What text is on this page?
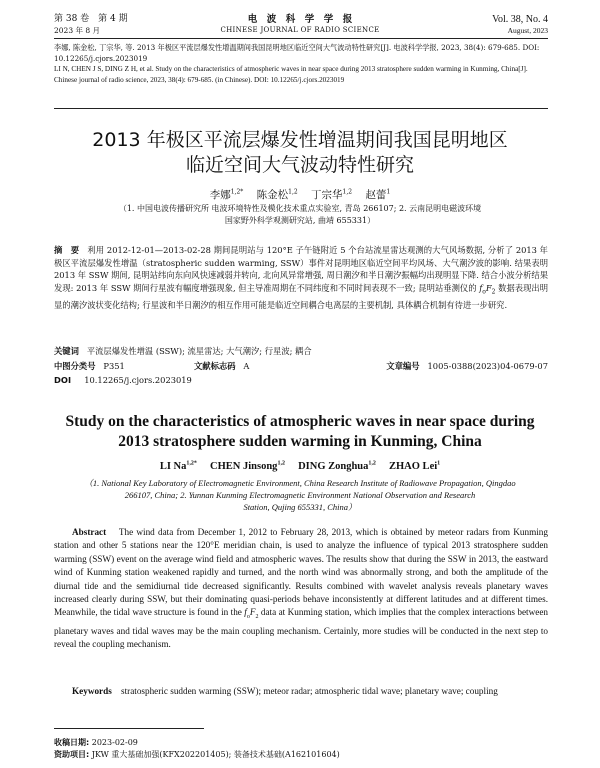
第 38 卷　第 4 期
2023 年 8 月
电　波　科　学　学　报
CHINESE JOURNAL OF RADIO SCIENCE
Vol. 38, No. 4
August, 2023
李娜, 陈金松, 丁宗华, 等. 2013 年极区平流层爆发性增温期间我国昆明地区临近空间大气波动特性研究[J]. 电波科学学报, 2023, 38(4): 679-685. DOI: 10.12265/j.cjors.2023019
LI N, CHEN J S, DING Z H, et al. Study on the characteristics of atmospheric waves in near space during 2013 stratosphere sudden warming in Kunming, China[J]. Chinese journal of radio science, 2023, 38(4): 679-685. (in Chinese). DOI: 10.12265/j.cjors.2023019
2013 年极区平流层爆发性增温期间我国昆明地区
临近空间大气波动特性研究
李娜$^{1,2*}$ 陈金松$^{1,2}$ 丁宗华$^{1,2}$ 赵蕾$^1$
（1. 中国电波传播研究所 电波环境特性及模化技术重点实验室, 青岛 266107; 2. 云南昆明电磁波环境
国家野外科学观测研究站, 曲靖 655331）
摘　要 利用 2012-12-01—2013-02-28 期间昆明站与 120°E 子午链附近 5 个台站流星雷达观测的大气风场数据, 分析了 2013 年极区平流层爆发性增温（stratospheric sudden warming, SSW）事件对昆明地区临近空间平均风场、大气潮汐波的影响. 结果表明 2013 年 SSW 期间, 昆明站纬向东向风快速减弱并转向, 北向风异常增强, 周日潮汐和半日潮汐振幅均出现明显下降. 结合小波分析结果发现: 2013 年 SSW 期间行星波有幅度增强现象, 但主导准周期在不同纬度和不同时间表现不一致; 昆明站垂测仪的 $f_oF_2$ 数据表现出明显的潮汐波状变化结构; 行星波和半日潮汐的相互作用可能是临近空间耦合电离层的主要机制, 具体耦合机制有待进一步研究.
关键词 平流层爆发性增温 (SSW); 流星雷达; 大气潮汐; 行星波; 耦合
中图分类号 P351	文献标志码 A	文章编号 1005-0388(2023)04-0679-07
DOI 10.12265/j.cjors.2023019
Study on the characteristics of atmospheric waves in near space during
2013 stratosphere sudden warming in Kunming, China
LI $Na^{1,2*}$ CHEN Jinsong$^{1,2}$ DING Zonghua$^{1,2}$ ZHAO Lei$^1$
（1. National Key Laboratory of Electromagnetic Environment, China Research Institute of Radiowave Propagation, Qingdao
266107, China; 2. Yunnan Kunming Electromagnetic Environment National Observation and Research
Station, Qujing 655331, China）
Abstract The wind data from December 1, 2012 to February 28, 2013, which is obtained by meteor radars from Kunming station and other 5 stations near the 120°E meridian chain, is used to analyze the influence of typical 2013 stratosphere sudden warming (SSW) event on the average wind field and atmospheric waves. The results show that during the SSW in 2013, the eastward wind of Kunming station weakened rapidly and turned, and the north wind was abnormally strong, and both the amplitude of the diurnal tide and the semidiurnal tide decreased significantly. Results combined with wavelet analysis reveals planetary waves increased clearly during SSW, but their dominating quasi-periods behave inconsistently at different latitudes and at different times. Meanwhile, the tidal wave structure is found in the $f_oF_2$ data at Kunming station, which implies that the complex interactions between planetary waves and tidal waves may be the main coupling mechanism. Certainly, more studies will be conducted in the next step to reveal the coupling mechanism.
Keywords stratospheric sudden warming (SSW); meteor radar; atmospheric tidal wave; planetary wave; coupling
收稿日期: 2023-02-09
资助项目: JKW 重大基础加强(KFX202201405); 装备技术基础(A162101604)
